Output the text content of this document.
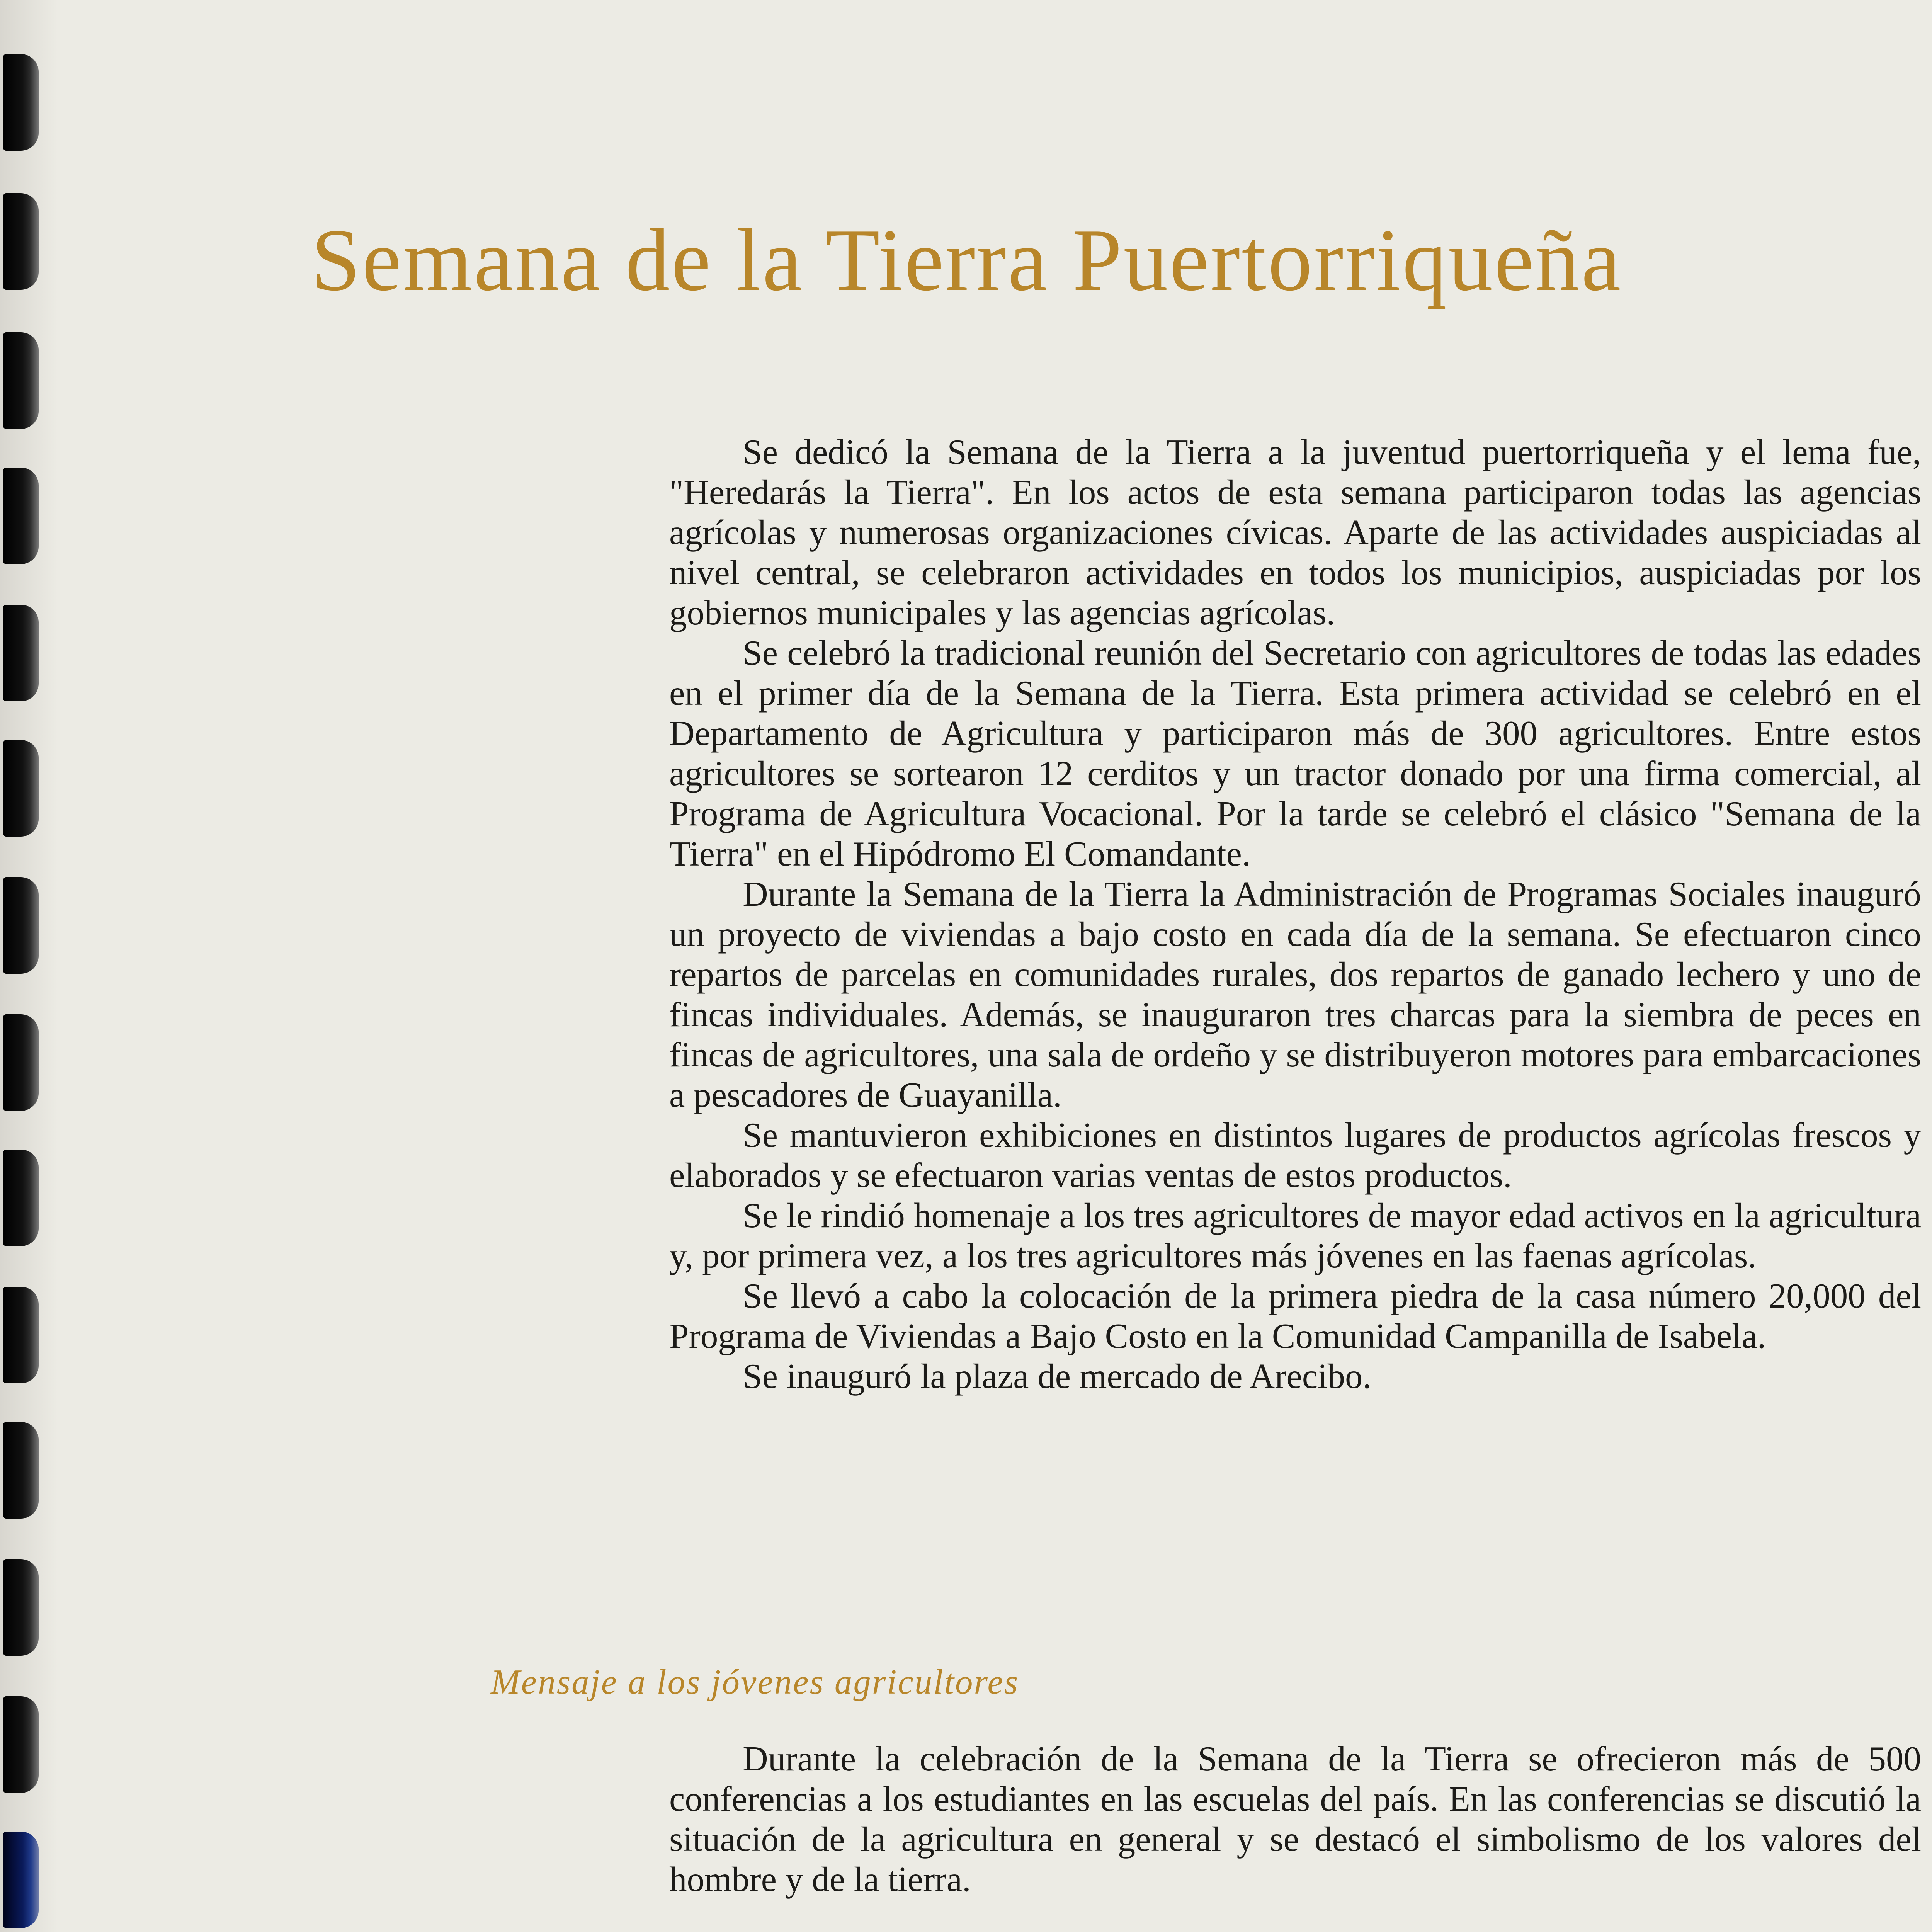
Semana de la Tierra Puertorriqueña

Se dedicó la Semana de la Tierra a la juventud puertorriqueña y el lema fue, "Heredarás la Tierra". En los actos de esta semana participaron todas las agencias agrícolas y numerosas organizaciones cívicas. Aparte de las actividades auspiciadas al nivel central, se celebraron actividades en todos los municipios, auspiciadas por los gobiernos municipales y las agencias agrícolas.

Se celebró la tradicional reunión del Secretario con agricultores de todas las edades en el primer día de la Semana de la Tierra. Esta primera actividad se celebró en el Departamento de Agricultura y participaron más de 300 agricultores. Entre estos agricultores se sortearon 12 cerditos y un tractor donado por una firma comercial, al Programa de Agricultura Vocacional. Por la tarde se celebró el clásico "Semana de la Tierra" en el Hipódromo El Comandante.

Durante la Semana de la Tierra la Administración de Programas Sociales inauguró un proyecto de viviendas a bajo costo en cada día de la semana. Se efectuaron cinco repartos de parcelas en comunidades rurales, dos repartos de ganado lechero y uno de fincas individuales. Además, se inauguraron tres charcas para la siembra de peces en fincas de agricultores, una sala de ordeño y se distribuyeron motores para embarcaciones a pescadores de Guayanilla.

Se mantuvieron exhibiciones en distintos lugares de productos agrícolas frescos y elaborados y se efectuaron varias ventas de estos productos.

Se le rindió homenaje a los tres agricultores de mayor edad activos en la agricultura y, por primera vez, a los tres agricultores más jóvenes en las faenas agrícolas.

Se llevó a cabo la colocación de la primera piedra de la casa número 20,000 del Programa de Viviendas a Bajo Costo en la Comunidad Campanilla de Isabela.

Se inauguró la plaza de mercado de Arecibo.

Mensaje a los jóvenes agricultores

Durante la celebración de la Semana de la Tierra se ofrecieron más de 500 conferencias a los estudiantes en las escuelas del país. En las conferencias se discutió la situación de la agricultura en general y se destacó el simbolismo de los valores del hombre y de la tierra.
